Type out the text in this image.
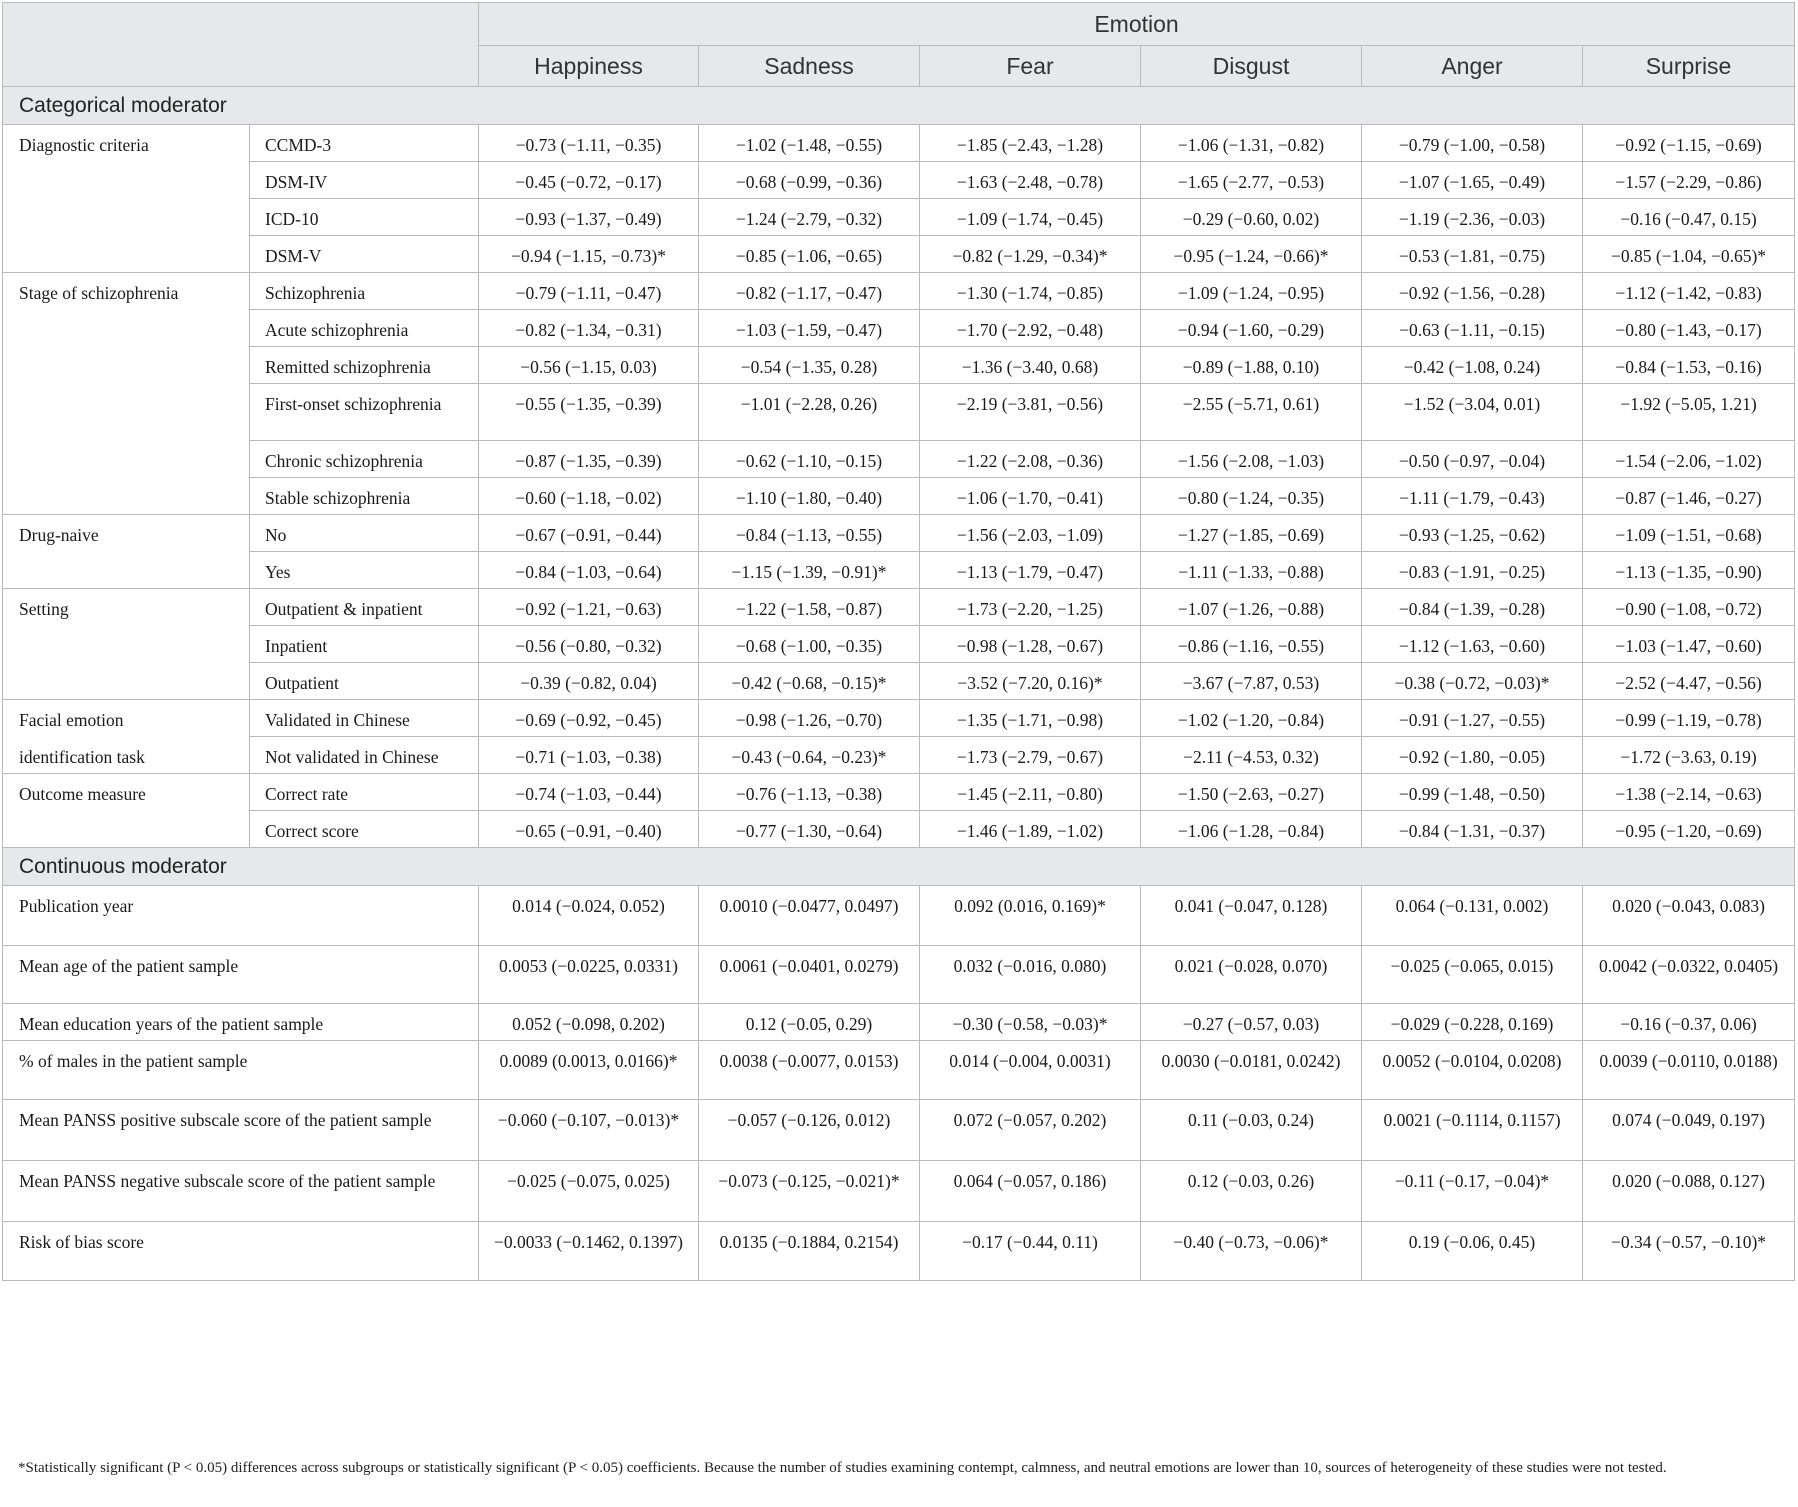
		Emotion					
		Happiness	Sadness	Fear	Disgust	Anger	Surprise
Categorical moderator							
Diagnostic criteria	CCMD-3	−0.73 (−1.11, −0.35)	−1.02 (−1.48, −0.55)	−1.85 (−2.43, −1.28)	−1.06 (−1.31, −0.82)	−0.79 (−1.00, −0.58)	−0.92 (−1.15, −0.69)
	DSM-IV	−0.45 (−0.72, −0.17)	−0.68 (−0.99, −0.36)	−1.63 (−2.48, −0.78)	−1.65 (−2.77, −0.53)	−1.07 (−1.65, −0.49)	−1.57 (−2.29, −0.86)
	ICD-10	−0.93 (−1.37, −0.49)	−1.24 (−2.79, −0.32)	−1.09 (−1.74, −0.45)	−0.29 (−0.60, 0.02)	−1.19 (−2.36, −0.03)	−0.16 (−0.47, 0.15)
	DSM-V	−0.94 (−1.15, −0.73)*	−0.85 (−1.06, −0.65)	−0.82 (−1.29, −0.34)*	−0.95 (−1.24, −0.66)*	−0.53 (−1.81, −0.75)	−0.85 (−1.04, −0.65)*
Stage of schizophrenia	Schizophrenia	−0.79 (−1.11, −0.47)	−0.82 (−1.17, −0.47)	−1.30 (−1.74, −0.85)	−1.09 (−1.24, −0.95)	−0.92 (−1.56, −0.28)	−1.12 (−1.42, −0.83)
	Acute schizophrenia	−0.82 (−1.34, −0.31)	−1.03 (−1.59, −0.47)	−1.70 (−2.92, −0.48)	−0.94 (−1.60, −0.29)	−0.63 (−1.11, −0.15)	−0.80 (−1.43, −0.17)
	Remitted schizophrenia	−0.56 (−1.15, 0.03)	−0.54 (−1.35, 0.28)	−1.36 (−3.40, 0.68)	−0.89 (−1.88, 0.10)	−0.42 (−1.08, 0.24)	−0.84 (−1.53, −0.16)
	First-onset schizophrenia	−0.55 (−1.35, −0.39)	−1.01 (−2.28, 0.26)	−2.19 (−3.81, −0.56)	−2.55 (−5.71, 0.61)	−1.52 (−3.04, 0.01)	−1.92 (−5.05, 1.21)
	Chronic schizophrenia	−0.87 (−1.35, −0.39)	−0.62 (−1.10, −0.15)	−1.22 (−2.08, −0.36)	−1.56 (−2.08, −1.03)	−0.50 (−0.97, −0.04)	−1.54 (−2.06, −1.02)
	Stable schizophrenia	−0.60 (−1.18, −0.02)	−1.10 (−1.80, −0.40)	−1.06 (−1.70, −0.41)	−0.80 (−1.24, −0.35)	−1.11 (−1.79, −0.43)	−0.87 (−1.46, −0.27)
Drug-naive	No	−0.67 (−0.91, −0.44)	−0.84 (−1.13, −0.55)	−1.56 (−2.03, −1.09)	−1.27 (−1.85, −0.69)	−0.93 (−1.25, −0.62)	−1.09 (−1.51, −0.68)
	Yes	−0.84 (−1.03, −0.64)	−1.15 (−1.39, −0.91)*	−1.13 (−1.79, −0.47)	−1.11 (−1.33, −0.88)	−0.83 (−1.91, −0.25)	−1.13 (−1.35, −0.90)
Setting	Outpatient & inpatient	−0.92 (−1.21, −0.63)	−1.22 (−1.58, −0.87)	−1.73 (−2.20, −1.25)	−1.07 (−1.26, −0.88)	−0.84 (−1.39, −0.28)	−0.90 (−1.08, −0.72)
	Inpatient	−0.56 (−0.80, −0.32)	−0.68 (−1.00, −0.35)	−0.98 (−1.28, −0.67)	−0.86 (−1.16, −0.55)	−1.12 (−1.63, −0.60)	−1.03 (−1.47, −0.60)
	Outpatient	−0.39 (−0.82, 0.04)	−0.42 (−0.68, −0.15)*	−3.52 (−7.20, 0.16)*	−3.67 (−7.87, 0.53)	−0.38 (−0.72, −0.03)*	−2.52 (−4.47, −0.56)

Facial emotion
identification task	Validated in Chinese	−0.69 (−0.92, −0.45)	−0.98 (−1.26, −0.70)	−1.35 (−1.71, −0.98)	−1.02 (−1.20, −0.84)	−0.91 (−1.27, −0.55)	−0.99 (−1.19, −0.78)
	Not validated in Chinese	−0.71 (−1.03, −0.38)	−0.43 (−0.64, −0.23)*	−1.73 (−2.79, −0.67)	−2.11 (−4.53, 0.32)	−0.92 (−1.80, −0.05)	−1.72 (−3.63, 0.19)
Outcome measure	Correct rate	−0.74 (−1.03, −0.44)	−0.76 (−1.13, −0.38)	−1.45 (−2.11, −0.80)	−1.50 (−2.63, −0.27)	−0.99 (−1.48, −0.50)	−1.38 (−2.14, −0.63)
	Correct score	−0.65 (−0.91, −0.40)	−0.77 (−1.30, −0.64)	−1.46 (−1.89, −1.02)	−1.06 (−1.28, −0.84)	−0.84 (−1.31, −0.37)	−0.95 (−1.20, −0.69)
Continuous moderator							
Publication year		0.014 (−0.024, 0.052)	0.0010 (−0.0477, 0.0497)	0.092 (0.016, 0.169)*	0.041 (−0.047, 0.128)	0.064 (−0.131, 0.002)	0.020 (−0.043, 0.083)
Mean age of the patient sample		0.0053 (−0.0225, 0.0331)	0.0061 (−0.0401, 0.0279)	0.032 (−0.016, 0.080)	0.021 (−0.028, 0.070)	−0.025 (−0.065, 0.015)	0.0042 (−0.0322, 0.0405)
Mean education years of the patient sample		0.052 (−0.098, 0.202)	0.12 (−0.05, 0.29)	−0.30 (−0.58, −0.03)*	−0.27 (−0.57, 0.03)	−0.029 (−0.228, 0.169)	−0.16 (−0.37, 0.06)
% of males in the patient sample		0.0089 (0.0013, 0.0166)*	0.0038 (−0.0077, 0.0153)	0.014 (−0.004, 0.0031)	0.0030 (−0.0181, 0.0242)	0.0052 (−0.0104, 0.0208)	0.0039 (−0.0110, 0.0188)
Mean PANSS positive subscale score of the patient sample		−0.060 (−0.107, −0.013)*	−0.057 (−0.126, 0.012)	0.072 (−0.057, 0.202)	0.11 (−0.03, 0.24)	0.0021 (−0.1114, 0.1157)	0.074 (−0.049, 0.197)
Mean PANSS negative subscale score of the patient sample		−0.025 (−0.075, 0.025)	−0.073 (−0.125, −0.021)*	0.064 (−0.057, 0.186)	0.12 (−0.03, 0.26)	−0.11 (−0.17, −0.04)*	0.020 (−0.088, 0.127)
Risk of bias score		−0.0033 (−0.1462, 0.1397)	0.0135 (−0.1884, 0.2154)	−0.17 (−0.44, 0.11)	−0.40 (−0.73, −0.06)*	0.19 (−0.06, 0.45)	−0.34 (−0.57, −0.10)*
*Statistically significant (P < 0.05) differences across subgroups or statistically significant (P < 0.05) coefficients. Because the number of studies examining contempt, calmness, and neutral emotions are lower than 10, sources of heterogeneity of these studies were not tested.
